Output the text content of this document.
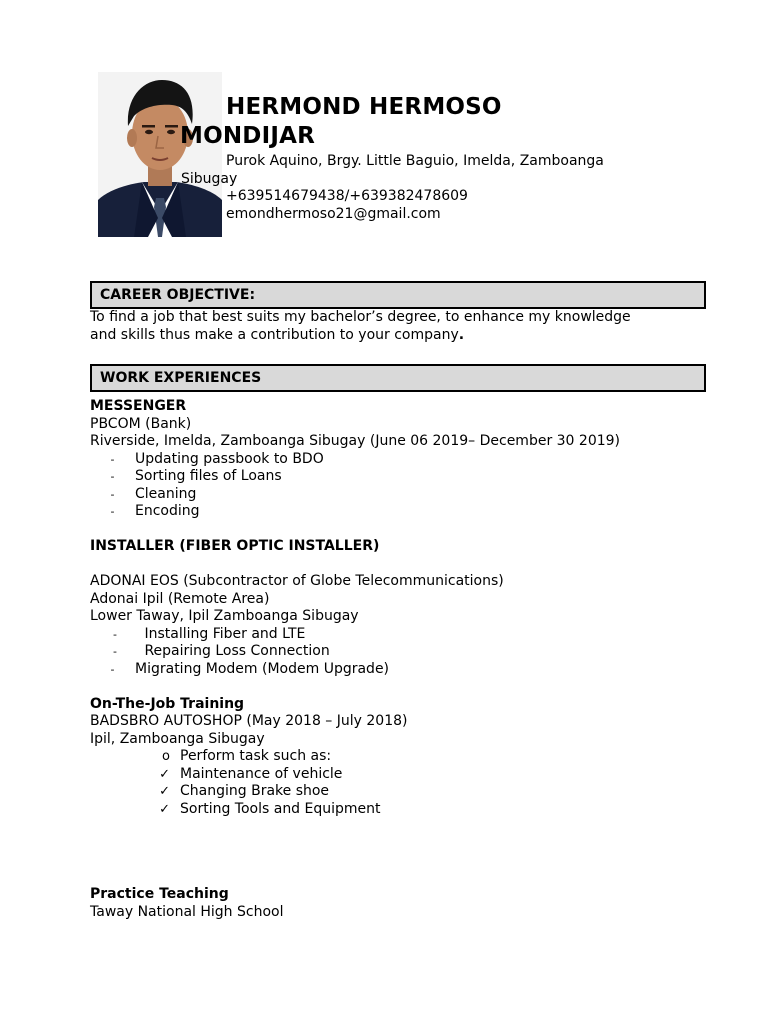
HERMOND HERMOSO MONDIJAR
Purok Aquino, Brgy. Little Baguio, Imelda, Zamboanga
Sibugay
+639514679438/+639382478609
emondhermoso21@gmail.com
CAREER OBJECTIVE:
To find a job that best suits my bachelor’s degree, to enhance my knowledge
and skills thus make a contribution to your company.
WORK EXPERIENCES
MESSENGER
PBCOM (Bank)
Riverside, Imelda, Zamboanga Sibugay (June 06 2019– December 30 2019)
-	Updating passbook to BDO
-	Sorting files of Loans
-	Cleaning
-	Encoding
INSTALLER (FIBER OPTIC INSTALLER)
ADONAI EOS (Subcontractor of Globe Telecommunications)
Adonai Ipil (Remote Area)
Lower Taway, Ipil Zamboanga Sibugay
-	Installing Fiber and LTE
-	Repairing Loss Connection
-	Migrating Modem (Modem Upgrade)
On-The-Job Training
BADSBRO AUTOSHOP (May 2018 – July 2018)
Ipil, Zamboanga Sibugay
o Perform task such as:
✓ Maintenance of vehicle
✓ Changing Brake shoe
✓ Sorting Tools and Equipment
Practice Teaching
Taway National High School
